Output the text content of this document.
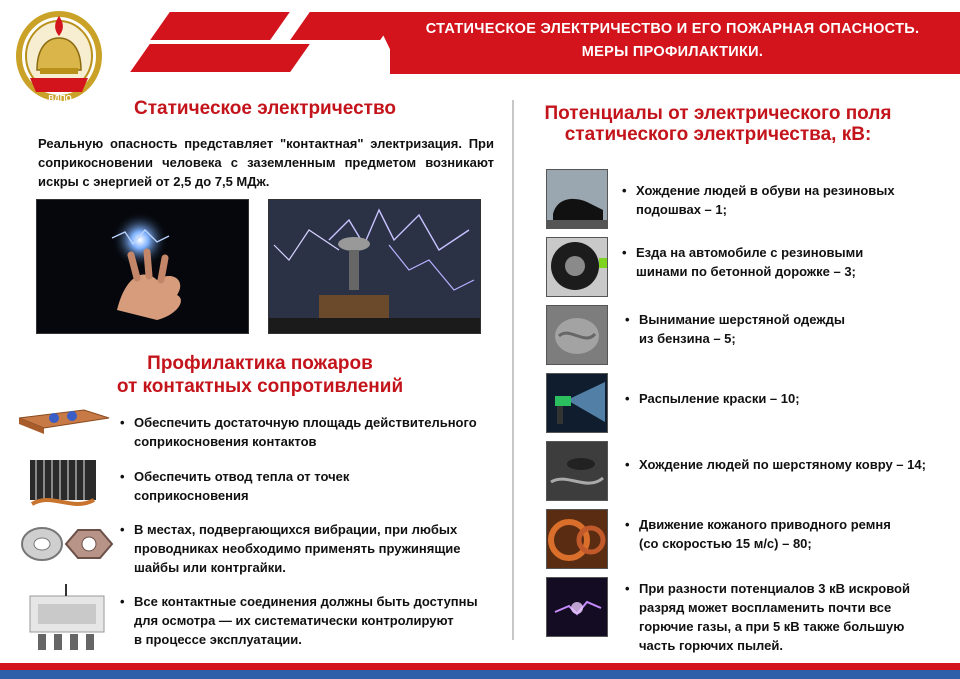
СТАТИЧЕСКОЕ ЭЛЕКТРИЧЕСТВО И ЕГО ПОЖАРНАЯ ОПАСНОСТЬ.
МЕРЫ ПРОФИЛАКТИКИ.
ВДПО	Статическое электричество
Реальную опасность представляет "контактная" электризация. При соприкосновении человека с заземленным предметом возникают искры с энергией от 2,5 до 7,5 МДж.
Профилактика пожаров
от контактных сопротивлений
• Обеспечить достаточную площадь действительного
соприкосновения контактов
• Обеспечить отвод тепла от точек
соприкосновения
• В местах, подвергающихся вибрации, при любых
проводниках необходимо применять пружинящие
шайбы или контргайки.
• Все контактные соединения должны быть доступны
для осмотра — их систематически контролируют
в процессе эксплуатации.
Потенциалы от электрического поля
статического электричества, кВ:
• Хождение людей в обуви на резиновых
подошвах – 1;
• Езда на автомобиле с резиновыми
шинами по бетонной дорожке – 3;
• Вынимание шерстяной одежды
из бензина – 5;
• Распыление краски – 10;
• Хождение людей по шерстяному ковру – 14;
• Движение кожаного приводного ремня
(со скоростью 15 м/с) – 80;
• При разности потенциалов 3 кВ искровой
разряд может воспламенить почти все
горючие газы, а при 5 кВ также большую
часть горючих пылей.
